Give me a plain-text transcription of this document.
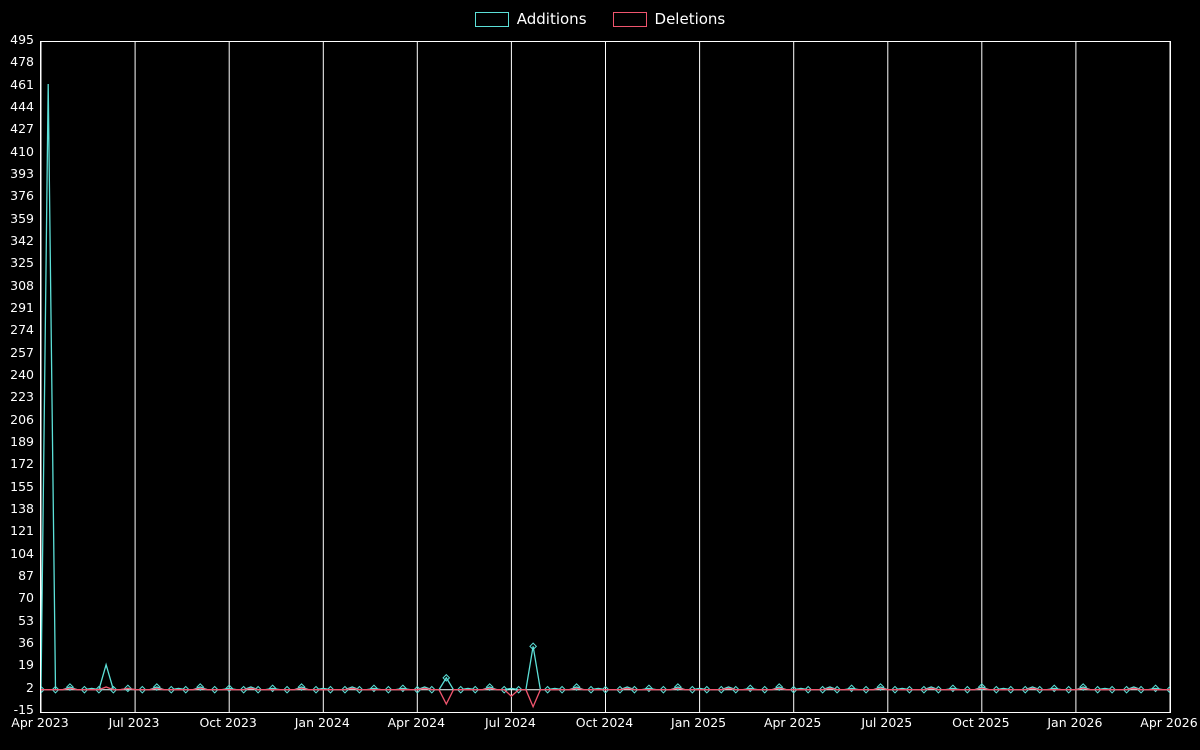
Additions	Deletions
-15
2
19
36
53
70
87
104
121
138
155
172
189
206
223
240
257
274
291
308
325
342
359
376
393
410
427
444
461
478
495
Apr 2023	Jul 2023	Oct 2023	Jan 2024	Apr 2024	Jul 2024	Oct 2024	Jan 2025	Apr 2025	Jul 2025	Oct 2025	Jan 2026	Apr 2026
